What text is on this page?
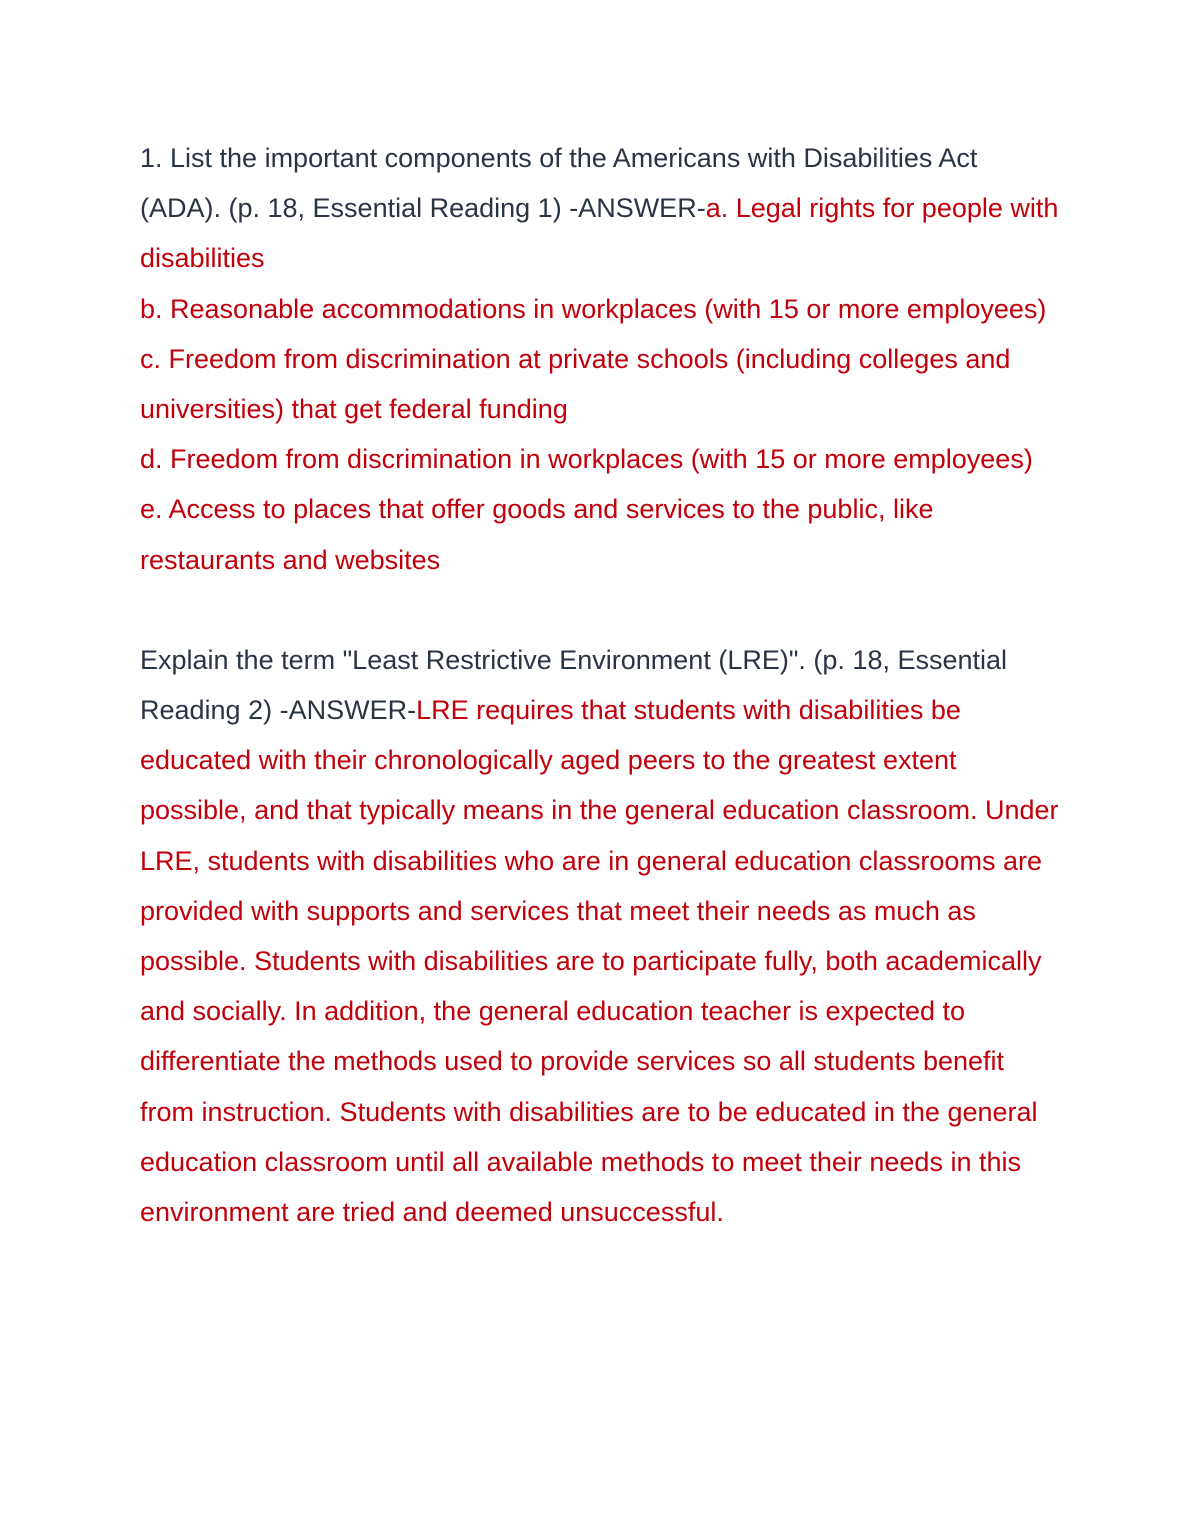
1. List the important components of the Americans with Disabilities Act (ADA). (p. 18, Essential Reading 1) -ANSWER-a. Legal rights for people with disabilities

b. Reasonable accommodations in workplaces (with 15 or more employees)

c. Freedom from discrimination at private schools (including colleges and universities) that get federal funding

d. Freedom from discrimination in workplaces (with 15 or more employees)

e. Access to places that offer goods and services to the public, like restaurants and websites

Explain the term "Least Restrictive Environment (LRE)". (p. 18, Essential Reading 2) -ANSWER-LRE requires that students with disabilities be educated with their chronologically aged peers to the greatest extent possible, and that typically means in the general education classroom. Under LRE, students with disabilities who are in general education classrooms are provided with supports and services that meet their needs as much as possible. Students with disabilities are to participate fully, both academically and socially. In addition, the general education teacher is expected to differentiate the methods used to provide services so all students benefit from instruction. Students with disabilities are to be educated in the general education classroom until all available methods to meet their needs in this environment are tried and deemed unsuccessful.
